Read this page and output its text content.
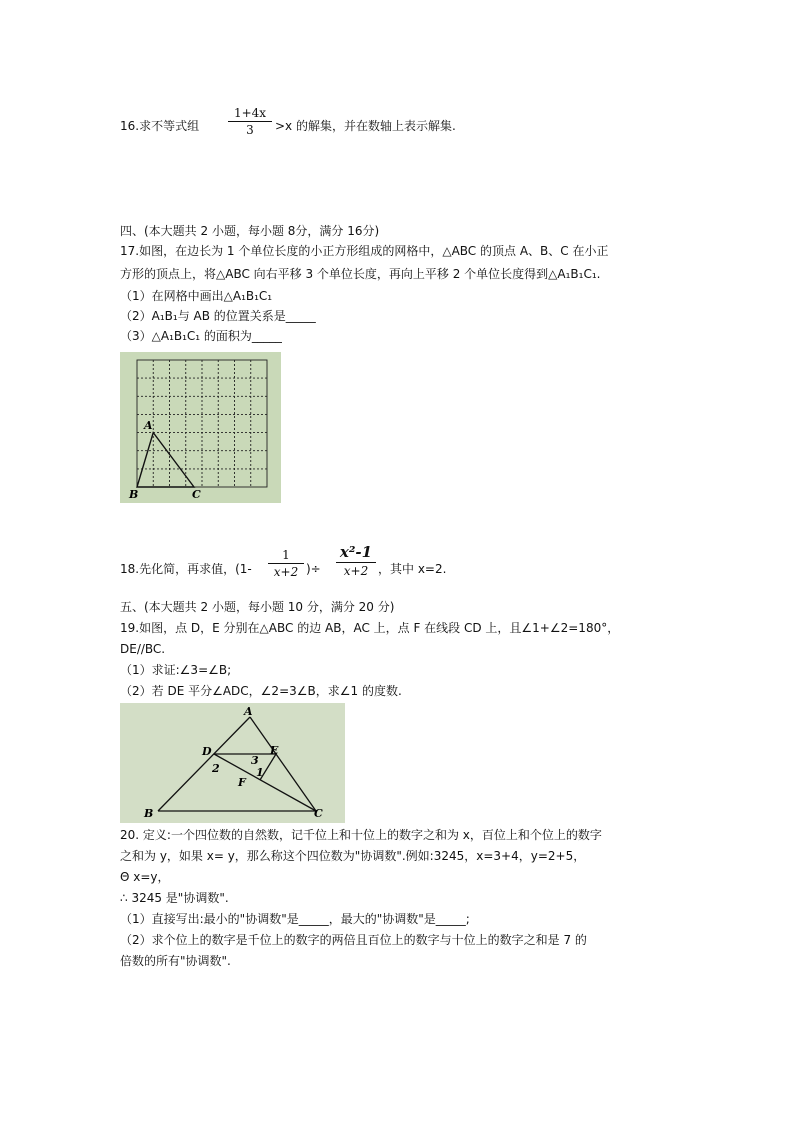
16.求不等式组 $\frac{1+4x}{3} >x$ 的解集，并在数轴上表示解集.
四、(本大题共 2 小题，每小题 8分，满分 16分)
17.如图，在边长为 1 个单位长度的小正方形组成的网格中，△ABC 的顶点 A、B、C 在小正
方形的顶点上，将△ABC 向右平移 3 个单位长度，再向上平移 2 个单位长度得到△A₁B₁C₁.
（1）在网格中画出△A₁B₁C₁
（2）A₁B₁与 AB 的位置关系是_____
（3）△A₁B₁C₁ 的面积为_____
A
B	C
18.先化简，再求值，($1- \frac{1}{x+2}$ )÷
x²-1
x+2 ，其中 x=2.
五、(本大题共 2 小题，每小题 10 分，满分 20 分)
19.如图，点 D，E 分别在△ABC 的边 AB，AC 上，点 F 在线段 CD 上，且∠1+∠2=180°，
DE//BC.
（1）求证:∠3=∠B;
（2）若 DE 平分∠ADC，∠2=3∠B，求∠1 的度数.
A
D	E
2
3
1
F
B	C
20. 定义:一个四位数的自然数，记千位上和十位上的数字之和为 x，百位上和个位上的数字
之和为 y，如果 x= y，那么称这个四位数为"协调数".例如:3245，x=3+4，y=2+5，
Θ x=y，
∴ 3245 是"协调数".
（1）直接写出:最小的"协调数"是_____，最大的"协调数"是_____;
（2）求个位上的数字是千位上的数字的两倍且百位上的数字与十位上的数字之和是 7 的
倍数的所有"协调数".
